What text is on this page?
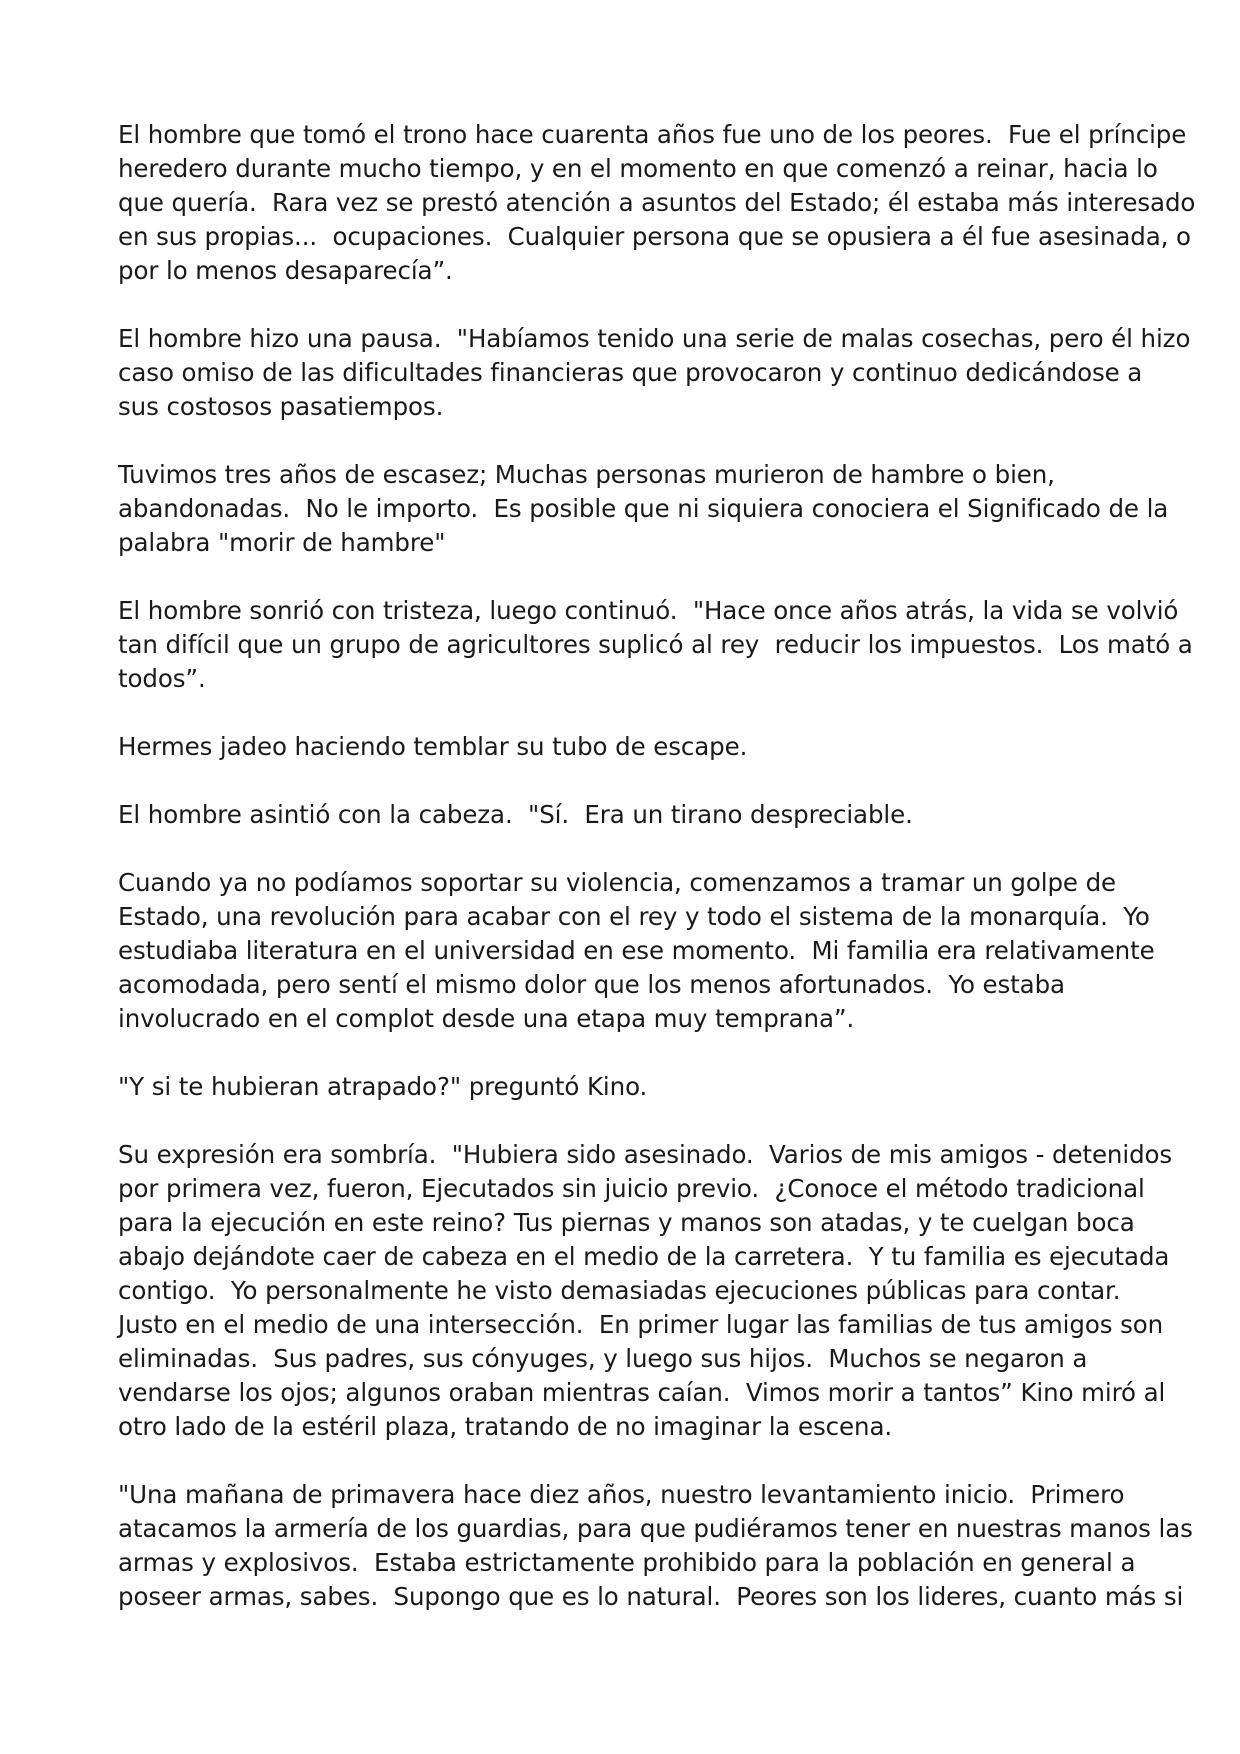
El hombre que tomó el trono hace cuarenta años fue uno de los peores.  Fue el príncipe
heredero durante mucho tiempo, y en el momento en que comenzó a reinar, hacia lo
que quería.  Rara vez se prestó atención a asuntos del Estado; él estaba más interesado
en sus propias...  ocupaciones.  Cualquier persona que se opusiera a él fue asesinada, o
por lo menos desaparecía”.

El hombre hizo una pausa.  "Habíamos tenido una serie de malas cosechas, pero él hizo
caso omiso de las dificultades financieras que provocaron y continuo dedicándose a
sus costosos pasatiempos.

Tuvimos tres años de escasez; Muchas personas murieron de hambre o bien,
abandonadas.  No le importo.  Es posible que ni siquiera conociera el Significado de la
palabra "morir de hambre"

El hombre sonrió con tristeza, luego continuó.  "Hace once años atrás, la vida se volvió
tan difícil que un grupo de agricultores suplicó al rey  reducir los impuestos.  Los mató a
todos”.

Hermes jadeo haciendo temblar su tubo de escape.

El hombre asintió con la cabeza.  "Sí.  Era un tirano despreciable.

Cuando ya no podíamos soportar su violencia, comenzamos a tramar un golpe de
Estado, una revolución para acabar con el rey y todo el sistema de la monarquía.  Yo
estudiaba literatura en el universidad en ese momento.  Mi familia era relativamente
acomodada, pero sentí el mismo dolor que los menos afortunados.  Yo estaba
involucrado en el complot desde una etapa muy temprana”.

"Y si te hubieran atrapado?" preguntó Kino.

Su expresión era sombría.  "Hubiera sido asesinado.  Varios de mis amigos - detenidos
por primera vez, fueron, Ejecutados sin juicio previo.  ¿Conoce el método tradicional
para la ejecución en este reino? Tus piernas y manos son atadas, y te cuelgan boca
abajo dejándote caer de cabeza en el medio de la carretera.  Y tu familia es ejecutada
contigo.  Yo personalmente he visto demasiadas ejecuciones públicas para contar.
Justo en el medio de una intersección.  En primer lugar las familias de tus amigos son
eliminadas.  Sus padres, sus cónyuges, y luego sus hijos.  Muchos se negaron a
vendarse los ojos; algunos oraban mientras caían.  Vimos morir a tantos” Kino miró al
otro lado de la estéril plaza, tratando de no imaginar la escena.

"Una mañana de primavera hace diez años, nuestro levantamiento inicio.  Primero
atacamos la armería de los guardias, para que pudiéramos tener en nuestras manos las
armas y explosivos.  Estaba estrictamente prohibido para la población en general a
poseer armas, sabes.  Supongo que es lo natural.  Peores son los lideres, cuanto más si
